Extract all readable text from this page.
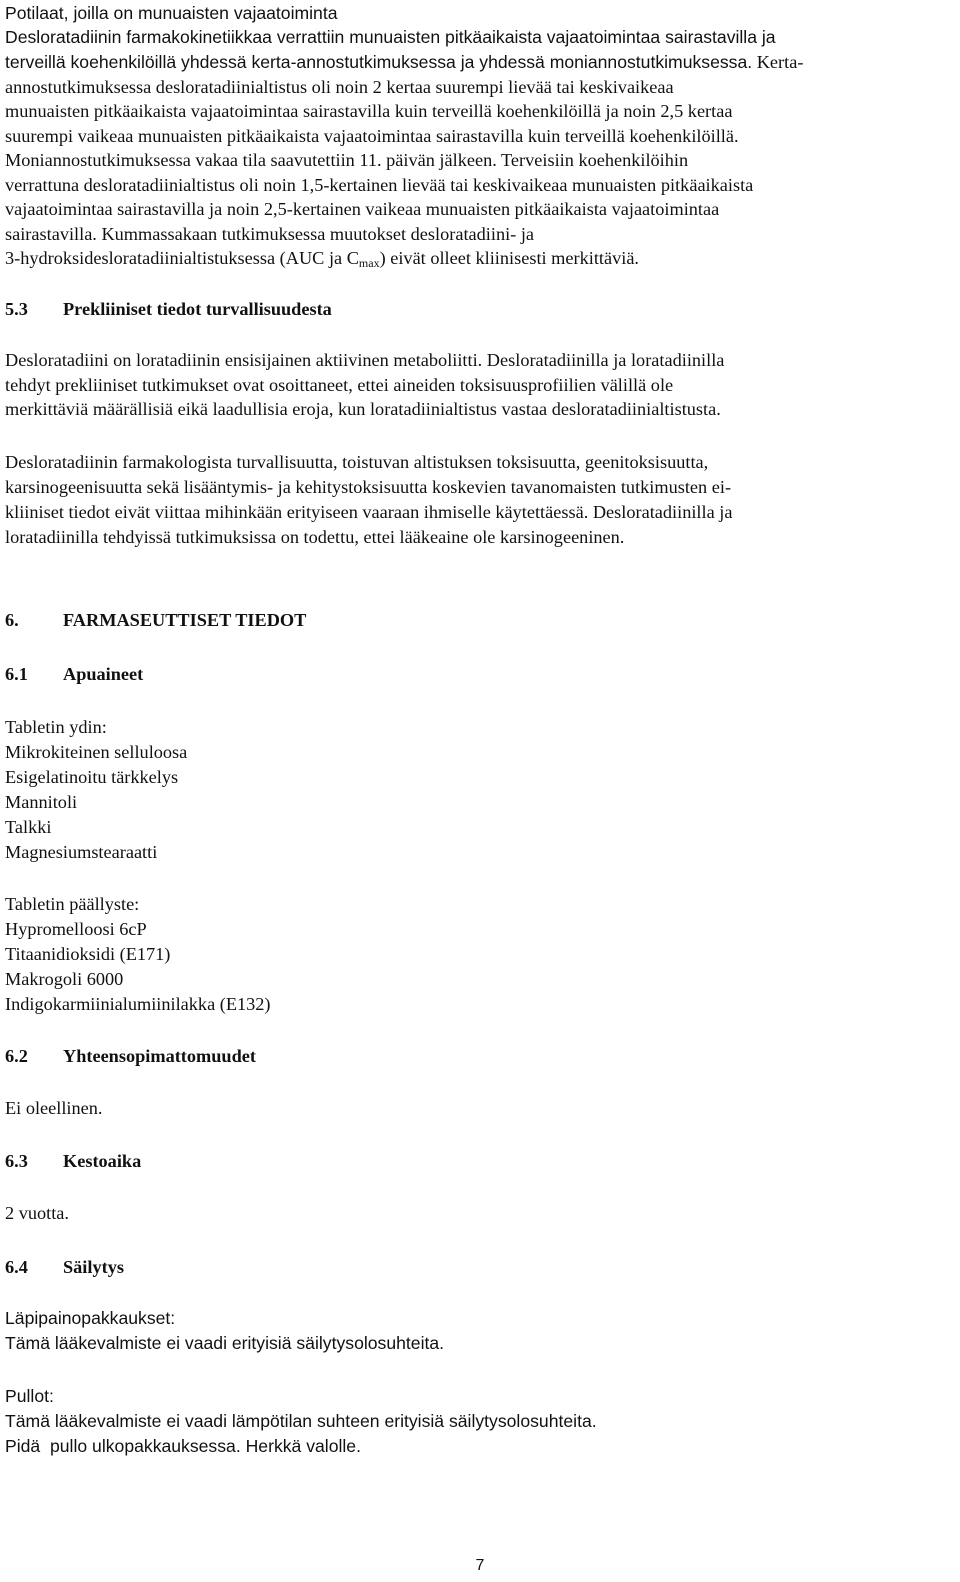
Potilaat, joilla on munuaisten vajaatoiminta
Desloratadiinin farmakokinetiikkaa verrattiin munuaisten pitkäaikaista vajaatoimintaa sairastavilla ja
terveillä koehenkilöillä yhdessä kerta-annostutkimuksessa ja yhdessä moniannostutkimuksessa. Kerta-
annostutkimuksessa desloratadiinialtistus oli noin 2 kertaa suurempi lievää tai keskivaikeaa
munuaisten pitkäaikaista vajaatoimintaa sairastavilla kuin terveillä koehenkilöillä ja noin 2,5 kertaa
suurempi vaikeaa munuaisten pitkäaikaista vajaatoimintaa sairastavilla kuin terveillä koehenkilöillä.
Moniannostutkimuksessa vakaa tila saavutettiin 11. päivän jälkeen. Terveisiin koehenkilöihin
verrattuna desloratadiinialtistus oli noin 1,5-kertainen lievää tai keskivaikeaa munuaisten pitkäaikaista
vajaatoimintaa sairastavilla ja noin 2,5-kertainen vaikeaa munuaisten pitkäaikaista vajaatoimintaa
sairastavilla. Kummassakaan tutkimuksessa muutokset desloratadiini- ja
3-hydroksidesloratadiinialtistuksessa (AUC ja $C_{max}$) eivät olleet kliinisesti merkittäviä.
5.3	Prekliiniset tiedot turvallisuudesta
Desloratadiini on loratadiinin ensisijainen aktiivinen metaboliitti. Desloratadiinilla ja loratadiinilla
tehdyt prekliiniset tutkimukset ovat osoittaneet, ettei aineiden toksisuusprofiilien välillä ole
merkittäviä määrällisiä eikä laadullisia eroja, kun loratadiinialtistus vastaa desloratadiinialtistusta.
Desloratadiinin farmakologista turvallisuutta, toistuvan altistuksen toksisuutta, geenitoksisuutta,
karsinogeenisuutta sekä lisääntymis- ja kehitystoksisuutta koskevien tavanomaisten tutkimusten ei-
kliiniset tiedot eivät viittaa mihinkään erityiseen vaaraan ihmiselle käytettäessä. Desloratadiinilla ja
loratadiinilla tehdyissä tutkimuksissa on todettu, ettei lääkeaine ole karsinogeeninen.
6.	FARMASEUTTISET TIEDOT
6.1	Apuaineet
Tabletin ydin:
Mikrokiteinen selluloosa
Esigelatinoitu tärkkelys
Mannitoli
Talkki
Magnesiumstearaatti
Tabletin päällyste:
Hypromelloosi 6cP
Titaanidioksidi (E171)
Makrogoli 6000
Indigokarmiinialumiinilakka (E132)
6.2	Yhteensopimattomuudet
Ei oleellinen.
6.3	Kestoaika
2 vuotta.
6.4	Säilytys
Läpipainopakkaukset:
Tämä lääkevalmiste ei vaadi erityisiä säilytysolosuhteita.
Pullot:
Tämä lääkevalmiste ei vaadi lämpötilan suhteen erityisiä säilytysolosuhteita.
Pidä  pullo ulkopakkauksessa. Herkkä valolle.
7
